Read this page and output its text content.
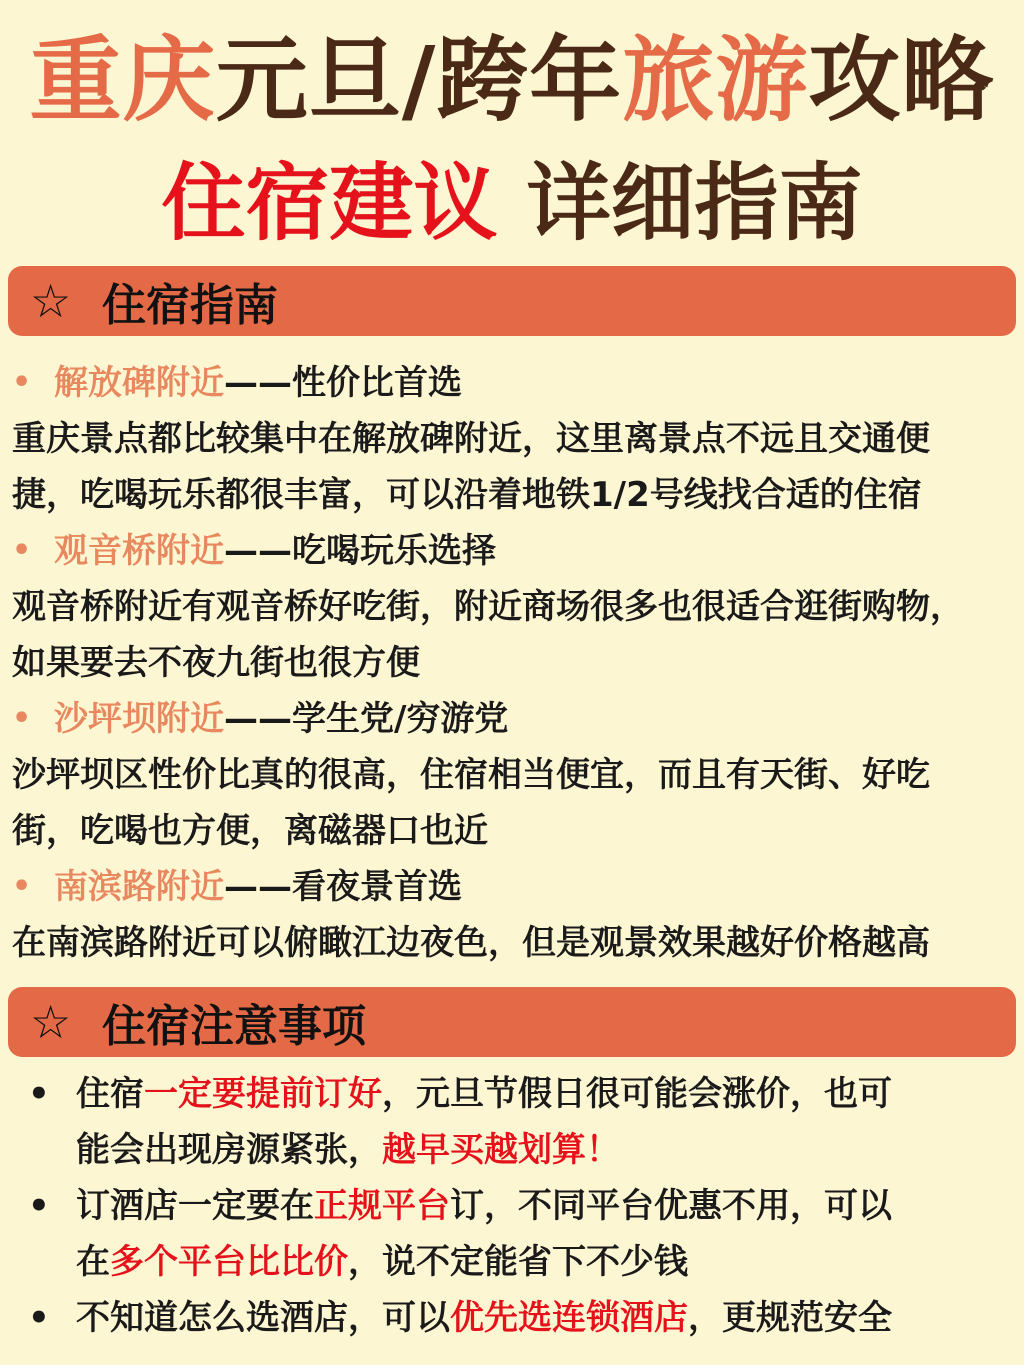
重庆元旦/跨年旅游攻略
住宿建议 详细指南
☆ 住宿指南
• 解放碑附近 ——性价比首选
重庆景点都比较集中在解放碑附近，这里离景点不远且交通便
捷，吃喝玩乐都很丰富，可以沿着地铁1/2号线找合适的住宿
• 观音桥附近 ——吃喝玩乐选择
观音桥附近有观音桥好吃街，附近商场很多也很适合逛街购物，
如果要去不夜九街也很方便
• 沙坪坝附近 ——学生党/穷游党
沙坪坝区性价比真的很高，住宿相当便宜，而且有天街、好吃
街，吃喝也方便，离磁器口也近
• 南滨路附近 ——看夜景首选
在南滨路附近可以俯瞰江边夜色，但是观景效果越好价格越高
☆ 住宿注意事项
• 住宿一定要提前订好，元旦节假日很可能会涨价，也可
能会出现房源紧张，越早买越划算！
• 订酒店一定要在正规平台订，不同平台优惠不用，可以
在多个平台比比价，说不定能省下不少钱
• 不知道怎么选酒店，可以优先选连锁酒店，更规范安全
